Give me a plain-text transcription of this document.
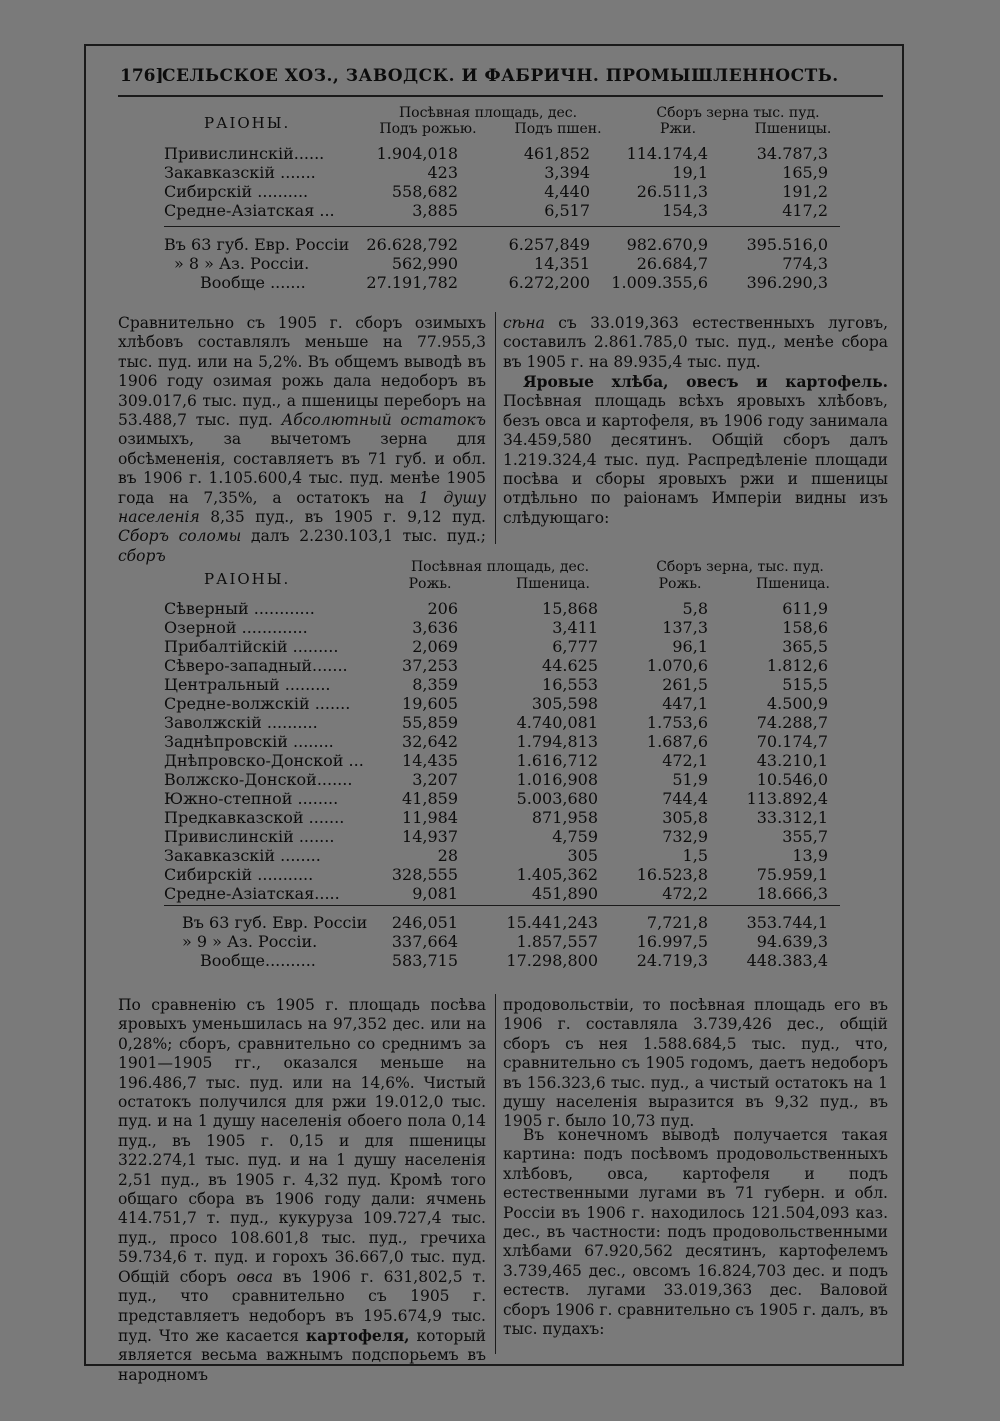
176]
СЕЛЬСКОЕ ХОЗ., ЗАВОДСК. И ФАБРИЧН. ПРОМЫШЛЕННОСТЬ.
РАIОНЫ.
Посѣвная площадь, дес.	Сборъ зерна тыс. пуд.
Подъ рожью.	Подъ пшен.	Ржи.	Пшеницы.
Привислинскій......	1.904,018	461,852	114.174,4	34.787,3
Закавказскій .......	423	3,394	19,1	165,9
Сибирскій ..........	558,682	4,440	26.511,3	191,2
Средне-Азіатская ...	3,885	6,517	154,3	417,2
Въ 63 губ. Евр. Россіи	26.628,792	6.257,849	982.670,9	395.516,0
» 8 » Аз. Россіи.	562,990	14,351	26.684,7	774,3
Вообще .......	27.191,782	6.272,200	1.009.355,6	396.290,3

Сравнительно съ 1905 г. сборъ озимыхъ хлѣбовъ составлялъ меньше на 77.955,3 тыс. пуд. или на 5,2%. Въ общемъ выводѣ въ 1906 году озимая рожь дала недоборъ въ 309.017,6 тыс. пуд., а пшеницы переборъ на 53.488,7 тыс. пуд. Абсолютный остатокъ озимыхъ, за вычетомъ зерна для обсѣмененія, составляетъ въ 71 губ. и обл. въ 1906 г. 1.105.600,4 тыс. пуд. менѣе 1905 года на 7,35%, а остатокъ на 1 душу населенія 8,35 пуд., въ 1905 г. 9,12 пуд. Сборъ соломы далъ 2.230.103,1 тыс. пуд.; сборъ

сѣна съ 33.019,363 естественныхъ луговъ, составилъ 2.861.785,0 тыс. пуд., менѣе сбора въ 1905 г. на 89.935,4 тыс. пуд.

Яровые хлѣба, овесъ и картофель. Посѣвная площадь всѣхъ яровыхъ хлѣбовъ, безъ овса и картофеля, въ 1906 году занимала 34.459,580 десятинъ. Общій сборъ далъ 1.219.324,4 тыс. пуд. Распредѣленіе площади посѣва и сборы яровыхъ ржи и пшеницы отдѣльно по раіонамъ Имперіи видны изъ слѣдующаго:

РАIОНЫ.
Посѣвная площадь, дес.	Сборъ зерна, тыс. пуд.
Рожь.	Пшеница.	Рожь.	Пшеница.
Сѣверный ............	206	15,868	5,8	611,9
Озерной .............	3,636	3,411	137,3	158,6
Прибалтійскій .........	2,069	6,777	96,1	365,5
Сѣверо-западный.......	37,253	44.625	1.070,6	1.812,6
Центральный .........	8,359	16,553	261,5	515,5
Средне-волжскій .......	19,605	305,598	447,1	4.500,9
Заволжскій ..........	55,859	4.740,081	1.753,6	74.288,7
Заднѣпровскій ........	32,642	1.794,813	1.687,6	70.174,7
Днѣпровско-Донской ...	14,435	1.616,712	472,1	43.210,1
Волжско-Донской.......	3,207	1.016,908	51,9	10.546,0
Южно-степной ........	41,859	5.003,680	744,4	113.892,4
Предкавказской .......	11,984	871,958	305,8	33.312,1
Привислинскій .......	14,937	4,759	732,9	355,7
Закавказскій ........	28	305	1,5	13,9
Сибирскій ...........	328,555	1.405,362	16.523,8	75.959,1
Средне-Азіатская.....	9,081	451,890	472,2	18.666,3
Въ 63 губ. Евр. Россіи	246,051	15.441,243	7,721,8	353.744,1
» 9 » Аз. Россіи.	337,664	1.857,557	16.997,5	94.639,3
Вообще..........	583,715	17.298,800	24.719,3	448.383,4

По сравненію съ 1905 г. площадь посѣва яровыхъ уменьшилась на 97,352 дес. или на 0,28%; сборъ, сравнительно со среднимъ за 1901—1905 гг., оказался меньше на 196.486,7 тыс. пуд. или на 14,6%. Чистый остатокъ получился для ржи 19.012,0 тыс. пуд. и на 1 душу населенія обоего пола 0,14 пуд., въ 1905 г. 0,15 и для пшеницы 322.274,1 тыс. пуд. и на 1 душу населенія 2,51 пуд., въ 1905 г. 4,32 пуд. Кромѣ того общаго сбора въ 1906 году дали: ячмень 414.751,7 т. пуд., кукуруза 109.727,4 тыс. пуд., просо 108.601,8 тыс. пуд., гречиха 59.734,6 т. пуд. и горохъ 36.667,0 тыс. пуд. Общій сборъ овса въ 1906 г. 631,802,5 т. пуд., что сравнительно съ 1905 г. представляетъ недоборъ въ 195.674,9 тыс. пуд. Что же касается картофеля, который является весьма важнымъ подспорьемъ въ народномъ

продовольствіи, то посѣвная площадь его въ 1906 г. составляла 3.739,426 дес., общій сборъ съ нея 1.588.684,5 тыс. пуд., что, сравнительно съ 1905 годомъ, даетъ недоборъ въ 156.323,6 тыс. пуд., а чистый остатокъ на 1 душу населенія выразится въ 9,32 пуд., въ 1905 г. было 10,73 пуд.

Въ конечномъ выводѣ получается такая картина: подъ посѣвомъ продовольственныхъ хлѣбовъ, овса, картофеля и подъ естественными лугами въ 71 губерн. и обл. Россіи въ 1906 г. находилось 121.504,093 каз. дес., въ частности: подъ продовольственными хлѣбами 67.920,562 десятинъ, картофелемъ 3.739,465 дес., овсомъ 16.824,703 дес. и подъ естеств. лугами 33.019,363 дес. Валовой сборъ 1906 г. сравнительно съ 1905 г. далъ, въ тыс. пудахъ:
